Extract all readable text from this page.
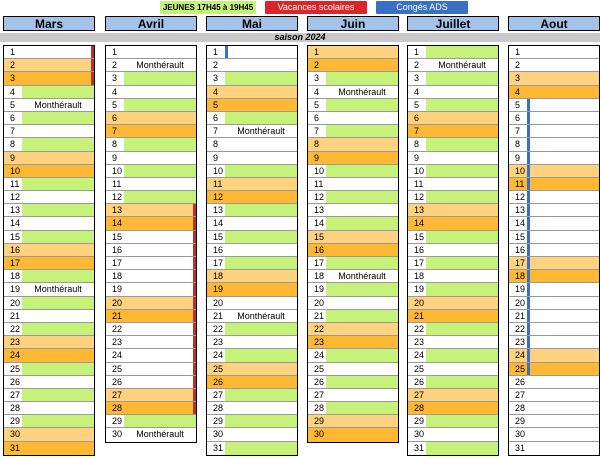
JEUNES 17H45 à 19H45	Vacances scolaires	Congés ADS
saison 2024
Mars
1
2
3
4
5	Monthérault
6
7
8
9
10
11
12
13
14
15
16
17
18
19	Monthérault
20
21
22
23
24
25
26
27
28
29
30
31
Avril
1
2	Monthérault
3
4
5
6
7
8
9
10
11
12
13
14
15
16
17
18
19
20
21
22
23
24
25
26
27
28
29
30	Monthérault
Mai
1
2
3
4
5
6
7	Monthérault
8
9
10
11
12
13
14
15
16
17
18
19
20
21	Monthérault
22
23
24
25
26
27
28
29
30
31
Juin
1
2
3
4	Monthérault
5
6
7
8
9
10
11
12
13
14
15
16
17
18	Monthérault
19
20
21
22
23
24
25
26
27
28
29
30
Juillet
1
2	Monthérault
3
4
5
6
7
8
9
10
11
12
13
14
15
16
17
18
19
20
21
22
23
24
25
26
27
28
29
30
31
Aout
1
2
3
4
5
6
7
8
9
10
11
12
13
14
15
16
17
18
19
20
21
22
23
24
25
26
27
28
29
30
31
